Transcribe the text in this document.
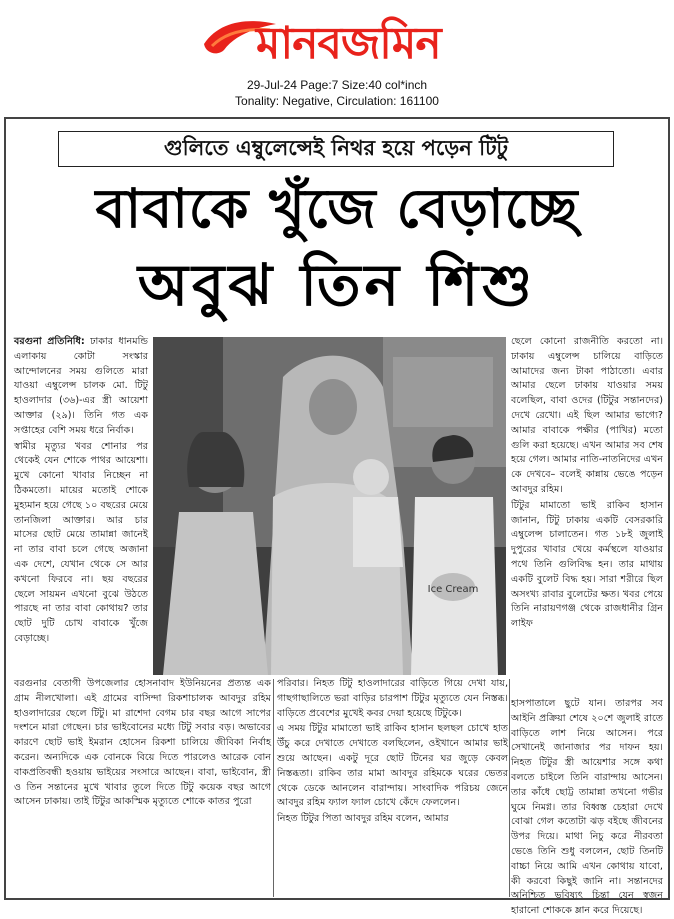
মানবজমিন
29-Jul-24 Page:7 Size:40 col*inch
Tonality: Negative, Circulation: 161100
গুলিতে এম্বুলেন্সেই নিথর হয়ে পড়েন টিটু
বাবাকে খুঁজে বেড়াচ্ছে
অবুঝ তিন শিশু
বরগুনা প্রতিনিধি: ঢাকার ধানমন্ডি এলাকায় কোটা সংস্কার আন্দোলনের সময় গুলিতে মারা যাওয়া এম্বুলেন্স চালক মো. টিটু হাওলাদার (৩৬)-এর স্ত্রী আয়েশা আক্তার (২৯)। তিনি গত এক সপ্তাহের বেশি সময় ধরে নির্বাক।
স্বামীর মৃত্যুর খবর শোনার পর থেকেই যেন শোকে পাথর আয়েশা। মুখে কোনো খাবার নিচ্ছেন না ঠিকমতো। মায়ের মতোই শোকে মুহ্যমান হয়ে গেছে ১০ বছরের মেয়ে তানজিলা আক্তার। আর চার মাসের ছোট মেয়ে তামান্না জানেই না তার বাবা চলে গেছে অজানা এক দেশে, যেখান থেকে সে আর কখনো ফিরবে না। ছয় বছরের ছেলে সায়মন এখনো বুঝে উঠতে পারছে না তার বাবা কোথায়? তার ছোট দুটি চোখ বাবাকে খুঁজে বেড়াচ্ছে।
Ice Cream
ছেলে কোনো রাজনীতি করতো না। ঢাকায় এম্বুলেন্স চালিয়ে বাড়িতে আমাদের জন্য টাকা পাঠাতো। এবার আমার ছেলে ঢাকায় যাওয়ার সময় বলেছিল, বাবা ওদের (টিটুর সন্তানদের) দেখে রেখো। এই ছিল আমার ভাগ্যে? আমার বাবাকে পক্ষীর (পাখির) মতো গুলি করা হয়েছে। এখন আমার সব শেষ হয়ে গেল। আমার নাতি-নাতনিদের এখন কে দেখবে– বলেই কান্নায় ভেঙে পড়েন আবদুর রহিম।
টিটুর মামাতো ভাই রাকিব হাসান জানান, টিটু ঢাকায় একটি বেসরকারি এম্বুলেন্স চালাতেন। গত ১৮ই জুলাই দুপুরের খাবার খেয়ে কর্মস্থলে যাওয়ার পথে তিনি গুলিবিদ্ধ হন। তার মাথায় একটি বুলেট বিদ্ধ হয়। সারা শরীরে ছিল অসংখ্য রাবার বুলেটের ক্ষত। খবর পেয়ে তিনি নারায়ণগঞ্জ থেকে রাজধানীর গ্রিন লাইফ
বরগুনার বেতাগী উপজেলার হোসনাবাদ ইউনিয়নের প্রত্যন্ত এক গ্রাম নীলখোলা। এই গ্রামের বাসিন্দা রিকশাচালক আবদুর রহিম হাওলাদারের ছেলে টিটু। মা রাশেদা বেগম চার বছর আগে সাপের দংশনে মারা গেছেন। চার ভাইবোনের মধ্যে টিটু সবার বড়। অভাবের কারণে ছোট ভাই ইমরান হোসেন রিকশা চালিয়ে জীবিকা নির্বাহ করেন। অন্যদিকে এক বোনকে বিয়ে দিতে পারলেও আরেক বোন বাকপ্রতিবন্ধী হওয়ায় ভাইয়ের সংসারে আছেন। বাবা, ভাইবোন, স্ত্রী ও তিন সন্তানের মুখে খাবার তুলে দিতে টিটু কয়েক বছর আগে আসেন ঢাকায়। তাই টিটুর আকস্মিক মৃত্যুতে শোকে কাতর পুরো
পরিবার। নিহত টিটু হাওলাদারের বাড়িতে গিয়ে দেখা যায়, গাছগাছালিতে ভরা বাড়ির চারপাশ টিটুর মৃত্যুতে যেন নিস্তব্ধ। বাড়িতে প্রবেশের মুখেই কবর দেয়া হয়েছে টিটুকে।
এ সময় টিটুর মামাতো ভাই রাকিব হাসান ছলছল চোখে হাত উঁচু করে দেখাতে দেখাতে বলছিলেন, ওইখানে আমার ভাই শুয়ে আছেন। একটু দূরে ছোট টিনের ঘর জুড়ে কেবল নিস্তব্ধতা। রাকিব তার মামা আবদুর রহিমকে ঘরের ভেতর থেকে ডেকে আনলেন বারান্দায়। সাংবাদিক পরিচয় জেনে আবদুর রহিম ফ্যাল ফ্যাল চোখে কেঁদে ফেললেন।
নিহত টিটুর পিতা আবদুর রহিম বলেন, আমার
হাসপাতালে ছুটে যান। তারপর সব আইনি প্রক্রিয়া শেষে ২০শে জুলাই রাতে বাড়িতে লাশ নিয়ে আসেন। পরে সেখানেই জানাজার পর দাফন হয়। নিহত টিটুর স্ত্রী আয়েশার সঙ্গে কথা বলতে চাইলে তিনি বারান্দায় আসেন। তার কাঁধে ছোট্ট তামান্না তখনো গভীর ঘুমে নিমগ্ন। তার বিধ্বস্ত চেহারা দেখে বোঝা গেল কতোটা ঝড় বইছে জীবনের উপর দিয়ে। মাথা নিচু করে নীরবতা ভেঙে তিনি শুধু বললেন, ছোট তিনটি বাচ্চা নিয়ে আমি এখন কোথায় যাবো, কী করবো কিছুই জানি না। সন্তানদের অনিশ্চিত ভবিষ্যৎ চিন্তা যেন স্বজন হারানো শোককে ম্লান করে দিয়েছে।
